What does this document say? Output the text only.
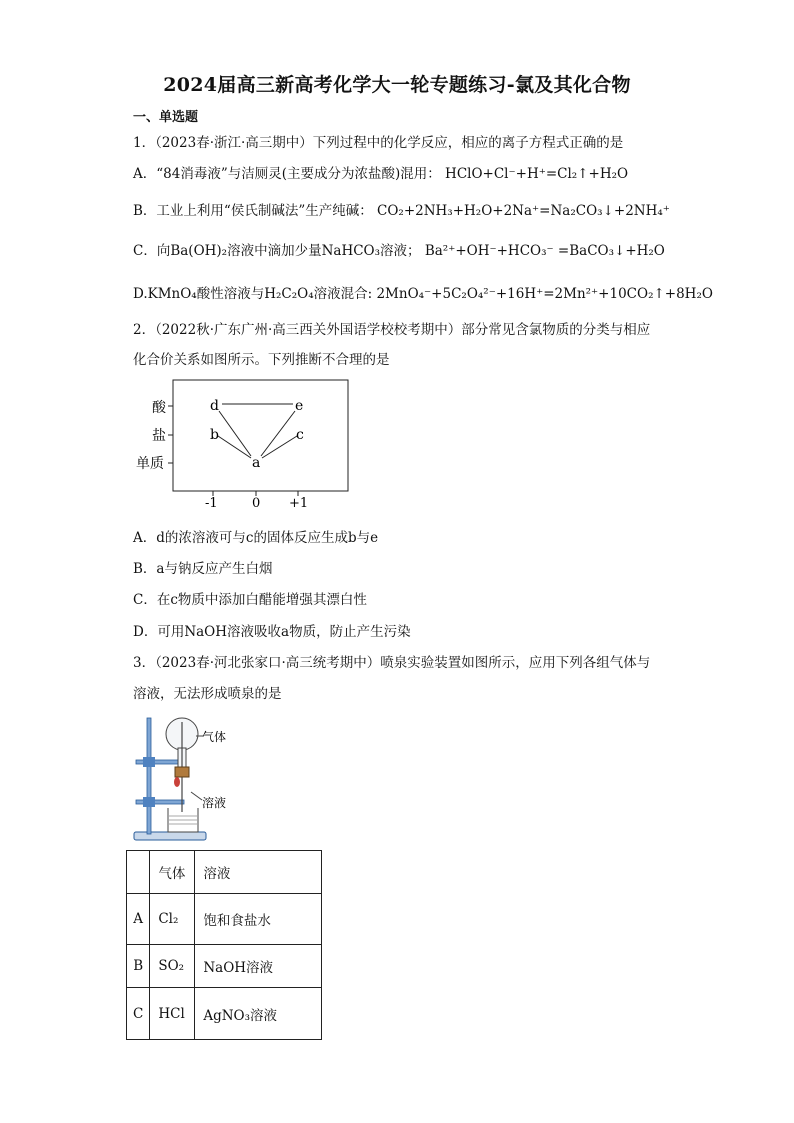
2024届高三新高考化学大一轮专题练习-氯及其化合物
一、单选题
1．（2023春·浙江·高三期中）下列过程中的化学反应，相应的离子方程式正确的是
A．“84消毒液”与洁厕灵(主要成分为浓盐酸)混用： HClO+Cl⁻+H⁺=Cl₂↑+H₂O
B．工业上利用“侯氏制碱法”生产纯碱： CO₂+2NH₃+H₂O+2Na⁺=Na₂CO₃↓+2NH₄⁺
C．向Ba(OH)₂溶液中滴加少量NaHCO₃溶液； Ba²⁺+OH⁻+HCO₃⁻ =BaCO₃↓+H₂O
D.KMnO₄酸性溶液与H₂C₂O₄溶液混合: 2MnO₄⁻+5C₂O₄²⁻+16H⁺=2Mn²⁺+10CO₂↑+8H₂O
2．（2022秋·广东广州·高三西关外国语学校校考期中）部分常见含氯物质的分类与相应
化合价关系如图所示。下列推断不合理的是
酸
盐
单质
-1	0 +1
d	e
b	c
a
A．d的浓溶液可与c的固体反应生成b与e
B．a与钠反应产生白烟
C．在c物质中添加白醋能增强其漂白性
D．可用NaOH溶液吸收a物质，防止产生污染
3．（2023春·河北张家口·高三统考期中）喷泉实验装置如图所示，应用下列各组气体与
溶液，无法形成喷泉的是
气体
溶液
	气体	溶液
A	Cl₂	饱和食盐水
B	SO₂	NaOH溶液
C	HCl	AgNO₃溶液
